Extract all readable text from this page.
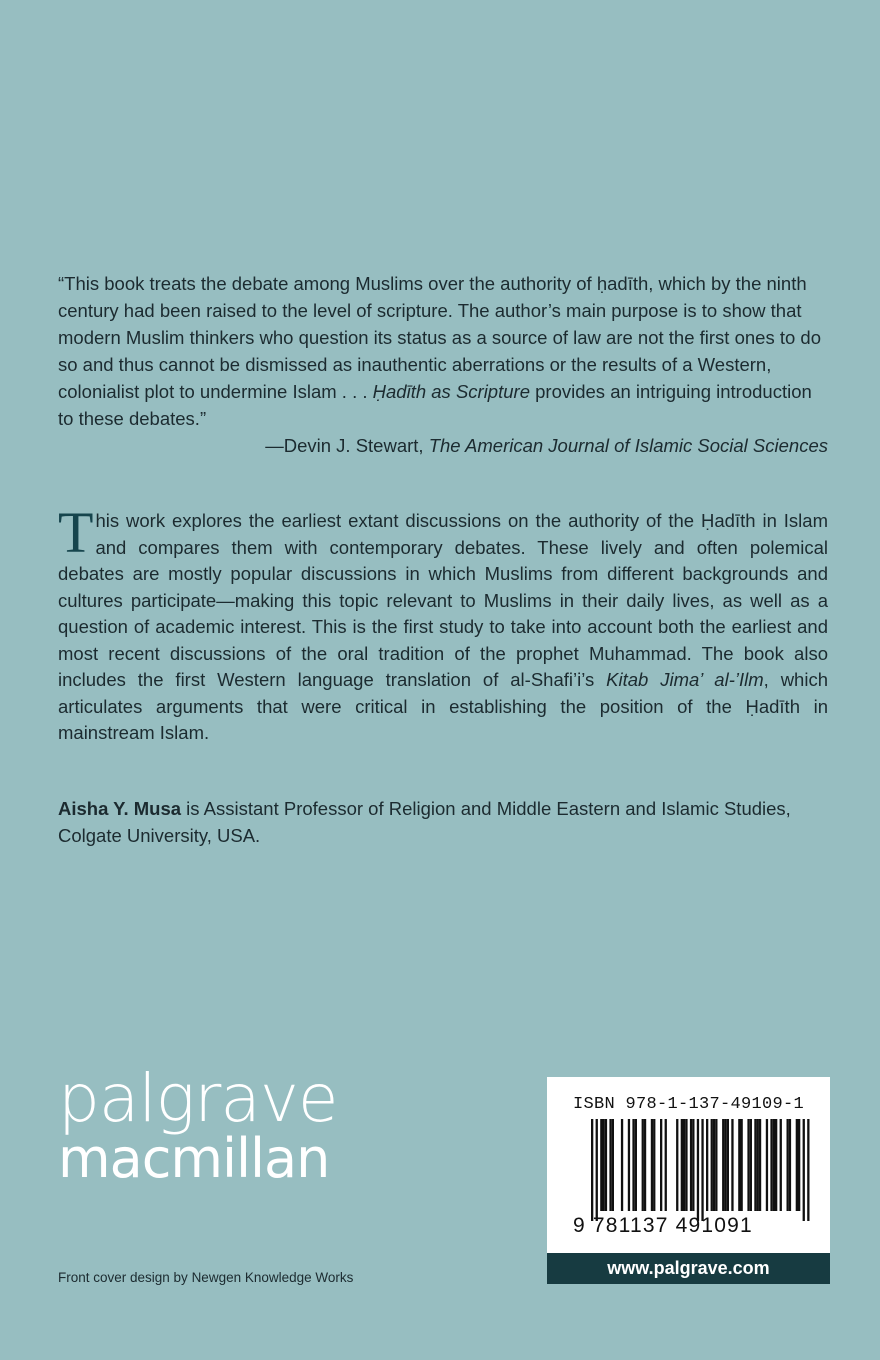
“This book treats the debate among Muslims over the authority of ḥadīth, which by the ninth century had been raised to the level of scripture. The author’s main purpose is to show that modern Muslim thinkers who question its status as a source of law are not the first ones to do so and thus cannot be dismissed as inauthentic aberrations or the results of a Western, colonialist plot to undermine Islam . . . Ḥadīth as Scripture provides an intriguing introduction to these debates.”

—Devin J. Stewart, The American Journal of Islamic Social Sciences

This work explores the earliest extant discussions on the authority of the Ḥadīth in Islam and compares them with contemporary debates. These lively and often polemical debates are mostly popular discussions in which Muslims from different backgrounds and cultures participate—making this topic relevant to Muslims in their daily lives, as well as a question of academic interest. This is the first study to take into account both the earliest and most recent discussions of the oral tradition of the prophet Muhammad. The book also includes the first Western language translation of al-Shafi’i’s Kitab Jima’ al-’Ilm, which articulates arguments that were critical in establishing the position of the Ḥadīth in mainstream Islam.
Aisha Y. Musa is Assistant Professor of Religion and Middle Eastern and Islamic Studies, Colgate University, USA.
palgrave
macmillan
Front cover design by Newgen Knowledge Works
ISBN 978-1-137-49109-1
9 781137 491091
www.palgrave.com
